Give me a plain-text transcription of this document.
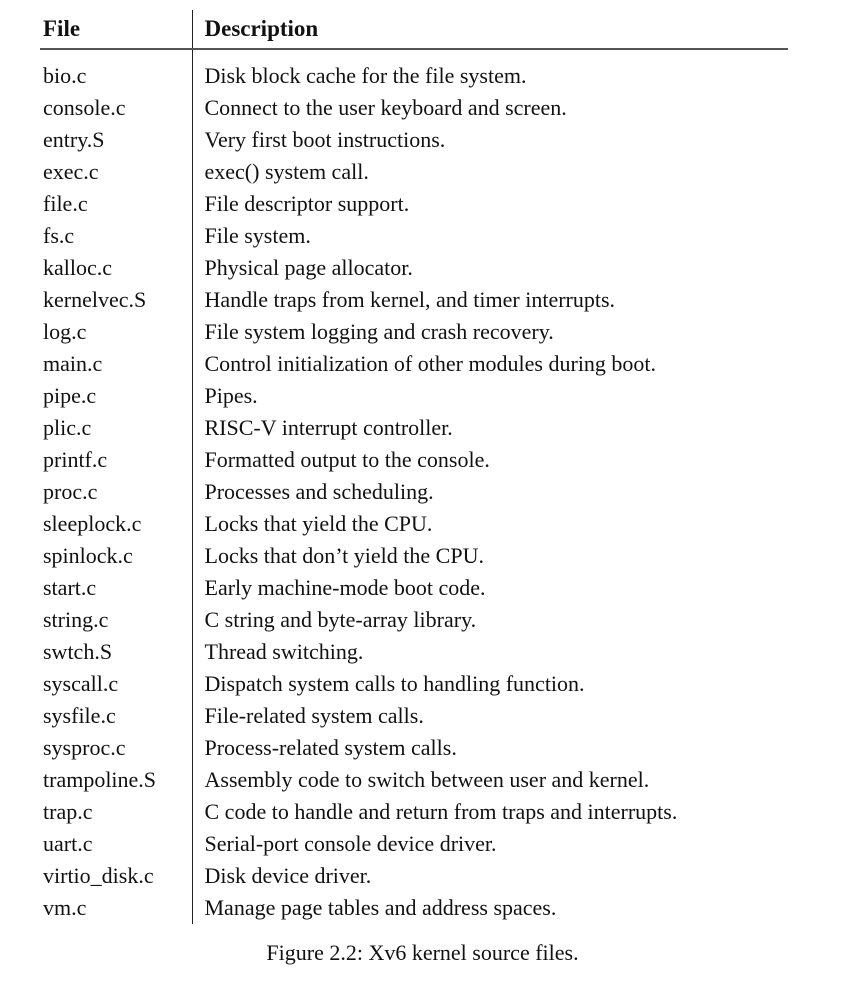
File	Description

bio.c	Disk block cache for the file system.
console.c	Connect to the user keyboard and screen.
entry.S	Very first boot instructions.
exec.c	exec() system call.
file.c	File descriptor support.
fs.c	File system.
kalloc.c	Physical page allocator.
kernelvec.S	Handle traps from kernel, and timer interrupts.
log.c	File system logging and crash recovery.
main.c	Control initialization of other modules during boot.
pipe.c	Pipes.
plic.c	RISC-V interrupt controller.
printf.c	Formatted output to the console.
proc.c	Processes and scheduling.
sleeplock.c	Locks that yield the CPU.
spinlock.c	Locks that don’t yield the CPU.
start.c	Early machine-mode boot code.
string.c	C string and byte-array library.
swtch.S	Thread switching.
syscall.c	Dispatch system calls to handling function.
sysfile.c	File-related system calls.
sysproc.c	Process-related system calls.
trampoline.S	Assembly code to switch between user and kernel.
trap.c	C code to handle and return from traps and interrupts.
uart.c	Serial-port console device driver.
virtio_disk.c	Disk device driver.
vm.c	Manage page tables and address spaces.
Figure 2.2: Xv6 kernel source files.
